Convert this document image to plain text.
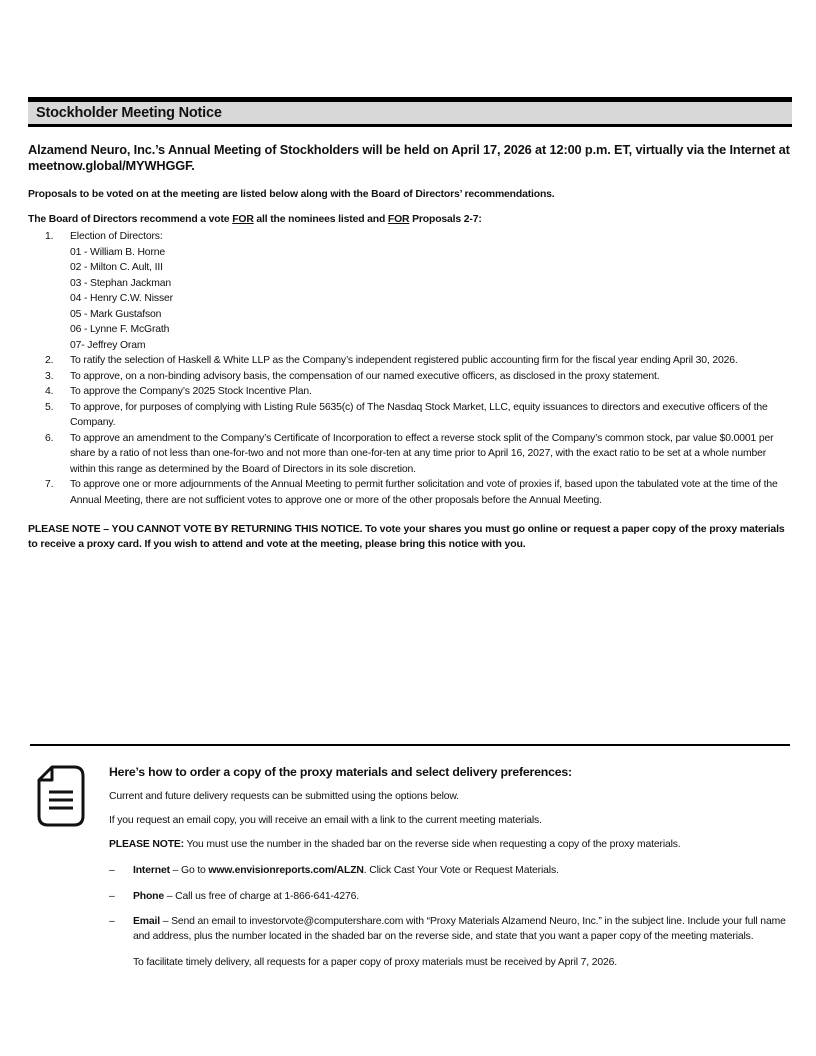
Stockholder Meeting Notice

Alzamend Neuro, Inc.’s Annual Meeting of Stockholders will be held on April 17, 2026 at 12:00 p.m. ET, virtually via the Internet at meetnow.global/MYWHGGF.

Proposals to be voted on at the meeting are listed below along with the Board of Directors’ recommendations.

The Board of Directors recommend a vote FOR all the nominees listed and FOR Proposals 2-7:

1.	Election of Directors:
01 - William B. Horne
02 - Milton C. Ault, III
03 - Stephan Jackman
04 - Henry C.W. Nisser
05 - Mark Gustafson
06 - Lynne F. McGrath
07- Jeffrey Oram
2.	To ratify the selection of Haskell & White LLP as the Company’s independent registered public accounting firm for the fiscal year ending April 30, 2026.
3.	To approve, on a non-binding advisory basis, the compensation of our named executive officers, as disclosed in the proxy statement.
4.	To approve the Company’s 2025 Stock Incentive Plan.
5.	To approve, for purposes of complying with Listing Rule 5635(c) of The Nasdaq Stock Market, LLC, equity issuances to directors and executive officers of the Company.
6.	To approve an amendment to the Company’s Certificate of Incorporation to effect a reverse stock split of the Company’s common stock, par value $0.0001 per share by a ratio of not less than one-for-two and not more than one-for-ten at any time prior to April 16, 2027, with the exact ratio to be set at a whole number within this range as determined by the Board of Directors in its sole discretion.
7.	To approve one or more adjournments of the Annual Meeting to permit further solicitation and vote of proxies if, based upon the tabulated vote at the time of the Annual Meeting, there are not sufficient votes to approve one or more of the other proposals before the Annual Meeting.

PLEASE NOTE – YOU CANNOT VOTE BY RETURNING THIS NOTICE. To vote your shares you must go online or request a paper copy of the proxy materials to receive a proxy card. If you wish to attend and vote at the meeting, please bring this notice with you.

Here’s how to order a copy of the proxy materials and select delivery preferences:

Current and future delivery requests can be submitted using the options below.

If you request an email copy, you will receive an email with a link to the current meeting materials.

PLEASE NOTE: You must use the number in the shaded bar on the reverse side when requesting a copy of the proxy materials.

–	Internet – Go to www.envisionreports.com/ALZN. Click Cast Your Vote or Request Materials.
–	Phone – Call us free of charge at 1-866-641-4276.
–	Email – Send an email to investorvote@computershare.com with “Proxy Materials Alzamend Neuro, Inc.” in the subject line. Include your full name and address, plus the number located in the shaded bar on the reverse side, and state that you want a paper copy of the meeting materials.

To facilitate timely delivery, all requests for a paper copy of proxy materials must be received by April 7, 2026.
